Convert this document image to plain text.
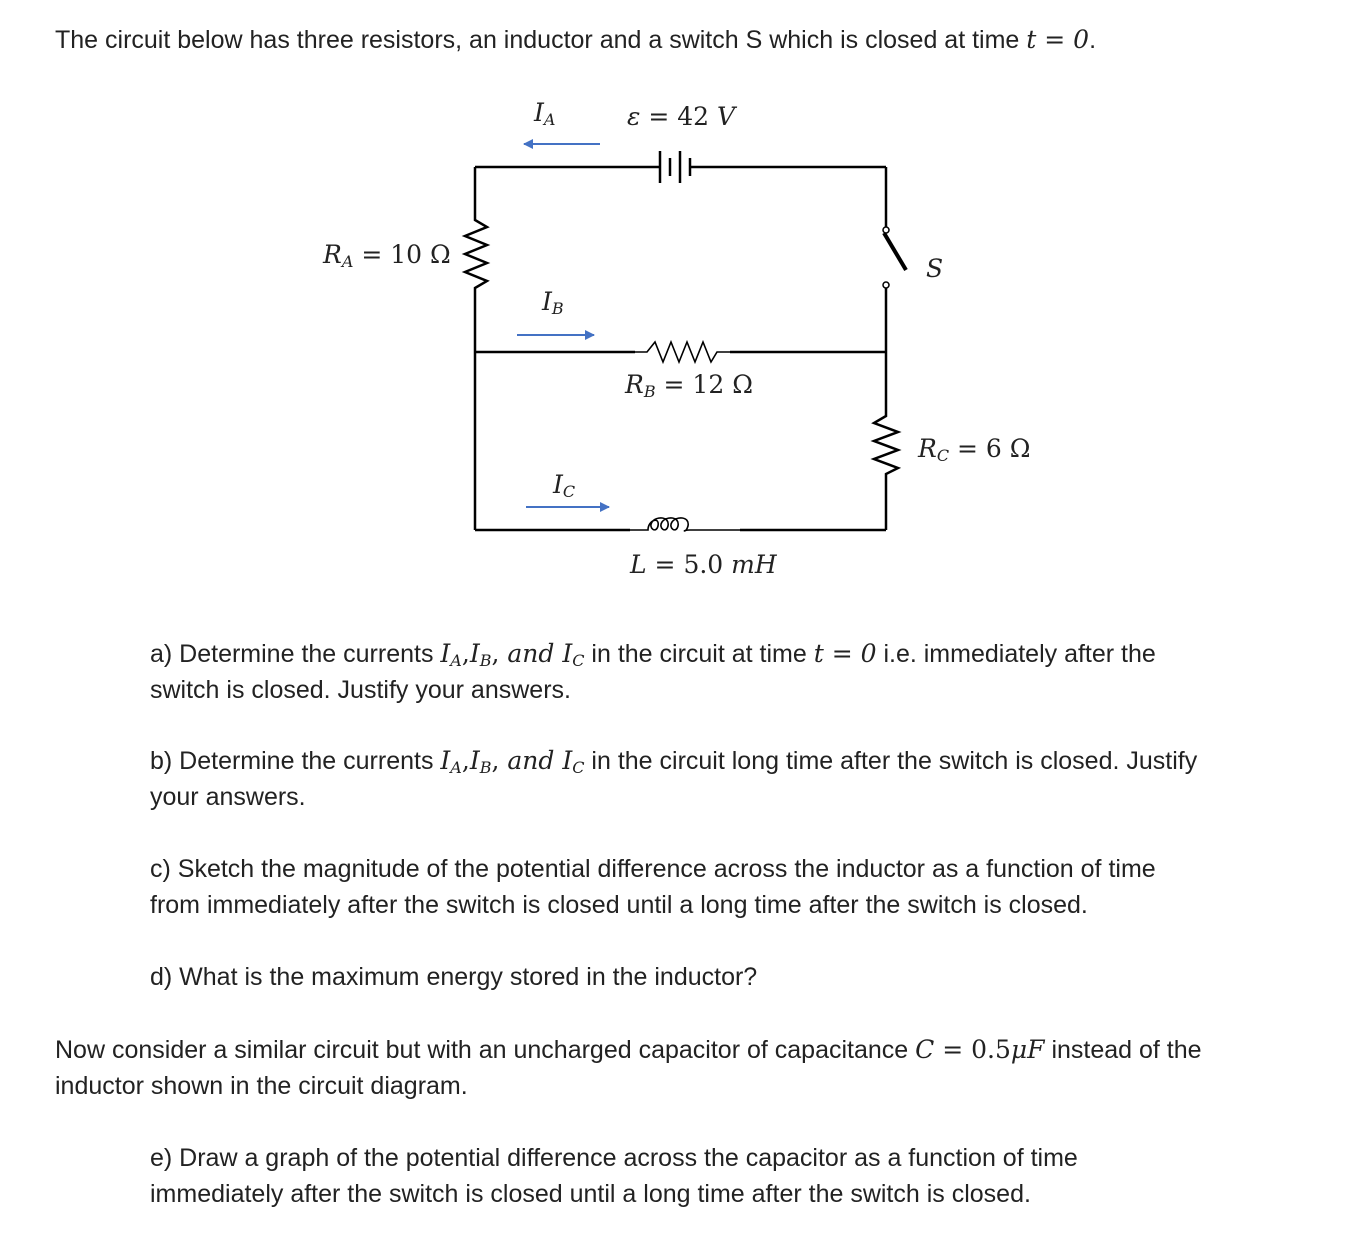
The circuit below has three resistors, an inductor and a switch S which is closed at time t = 0.

$I_A$	ε = 42 V
$R_A = 10$ Ω	S
$I_B$
$R_B = 12$ Ω
$R_C = 6$ Ω
$I_C$
L = 5.0 mH
a) Determine the currents $I_A,I_B$, and $I_C$ in the circuit at time t = 0 i.e. immediately after the
switch is closed. Justify your answers.
b) Determine the currents $I_A,I_B$, and $I_C$ in the circuit long time after the switch is closed. Justify
your answers.
c) Sketch the magnitude of the potential difference across the inductor as a function of time
from immediately after the switch is closed until a long time after the switch is closed.
d) What is the maximum energy stored in the inductor?
Now consider a similar circuit but with an uncharged capacitor of capacitance C = 0.5μF instead of the
inductor shown in the circuit diagram.
e) Draw a graph of the potential difference across the capacitor as a function of time
immediately after the switch is closed until a long time after the switch is closed.
